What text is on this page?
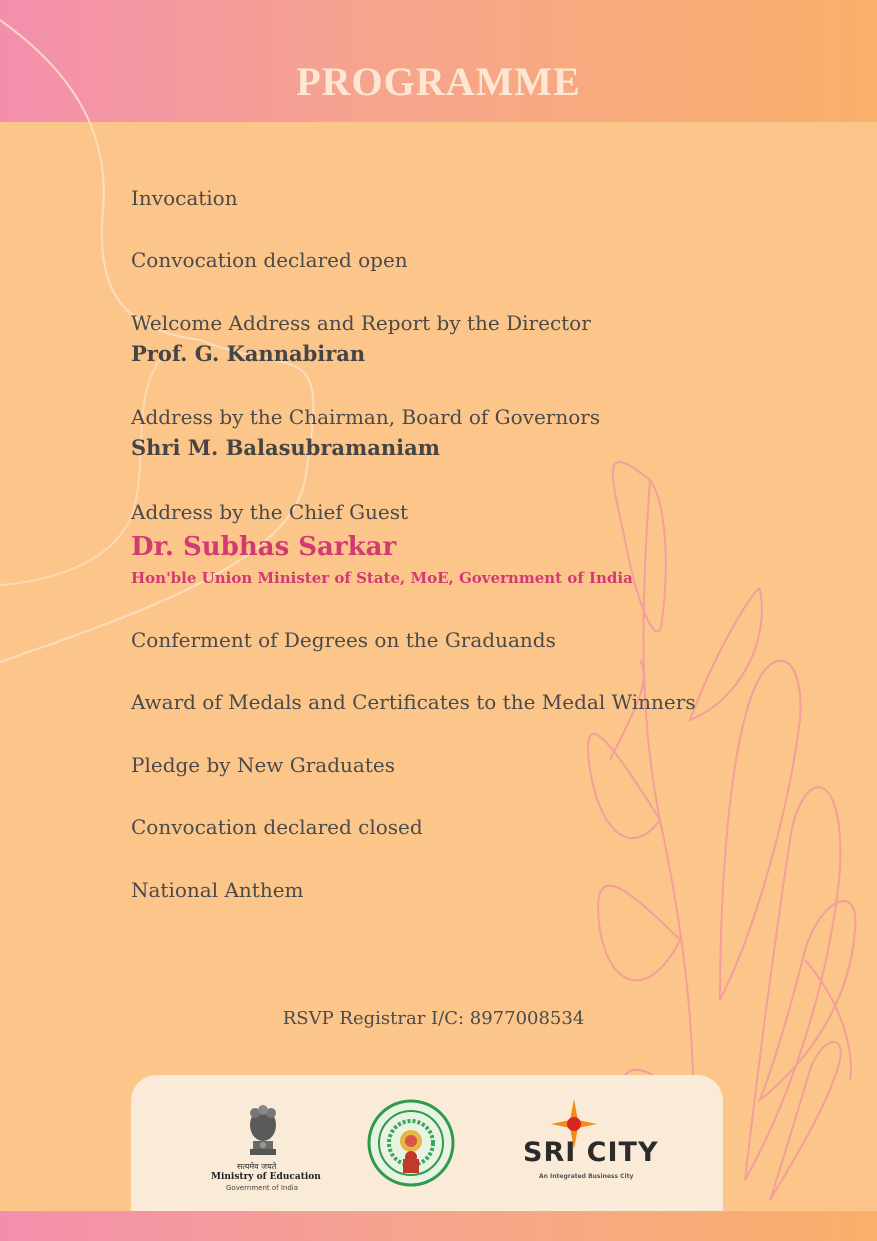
PROGRAMME
Invocation
Convocation declared open
Welcome Address and Report by the Director
Prof. G. Kannabiran
Address by the Chairman, Board of Governors
Shri M. Balasubramaniam
Address by the Chief Guest
Dr. Subhas Sarkar
Hon'ble Union Minister of State, MoE, Government of India
Conferment of Degrees on the Graduands
Award of Medals and Certificates to the Medal Winners
Pledge by New Graduates
Convocation declared closed
National Anthem
RSVP Registrar I/C: 8977008534
सत्यमेव जयते
Ministry of Education
Government of India
SRI CITY
An Integrated Business City
